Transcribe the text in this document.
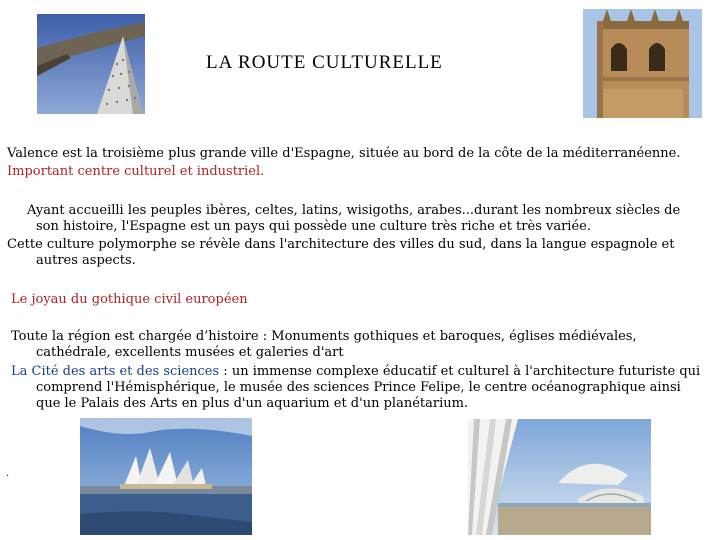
LA ROUTE CULTURELLE
Valence est la troisième plus grande ville d'Espagne, située au bord de la côte de la méditerranéenne.
Important centre culturel et industriel.
Ayant accueilli les peuples ibères, celtes, latins, wisigoths, arabes...durant les nombreux siècles de
son histoire, l'Espagne est un pays qui possède une culture très riche et très variée.
Cette culture polymorphe se révèle dans l'architecture des villes du sud, dans la langue espagnole et
autres aspects.
Le joyau du gothique civil européen
Toute la région est chargée d’histoire : Monuments gothiques et baroques, églises médiévales,
cathédrale, excellents musées et galeries d'art
La Cité des arts et des sciences : un immense complexe éducatif et culturel à l'architecture futuriste qui
comprend l'Hémisphérique, le musée des sciences Prince Felipe, le centre océanographique ainsi
que le Palais des Arts en plus d'un aquarium et d'un planétarium.
.
